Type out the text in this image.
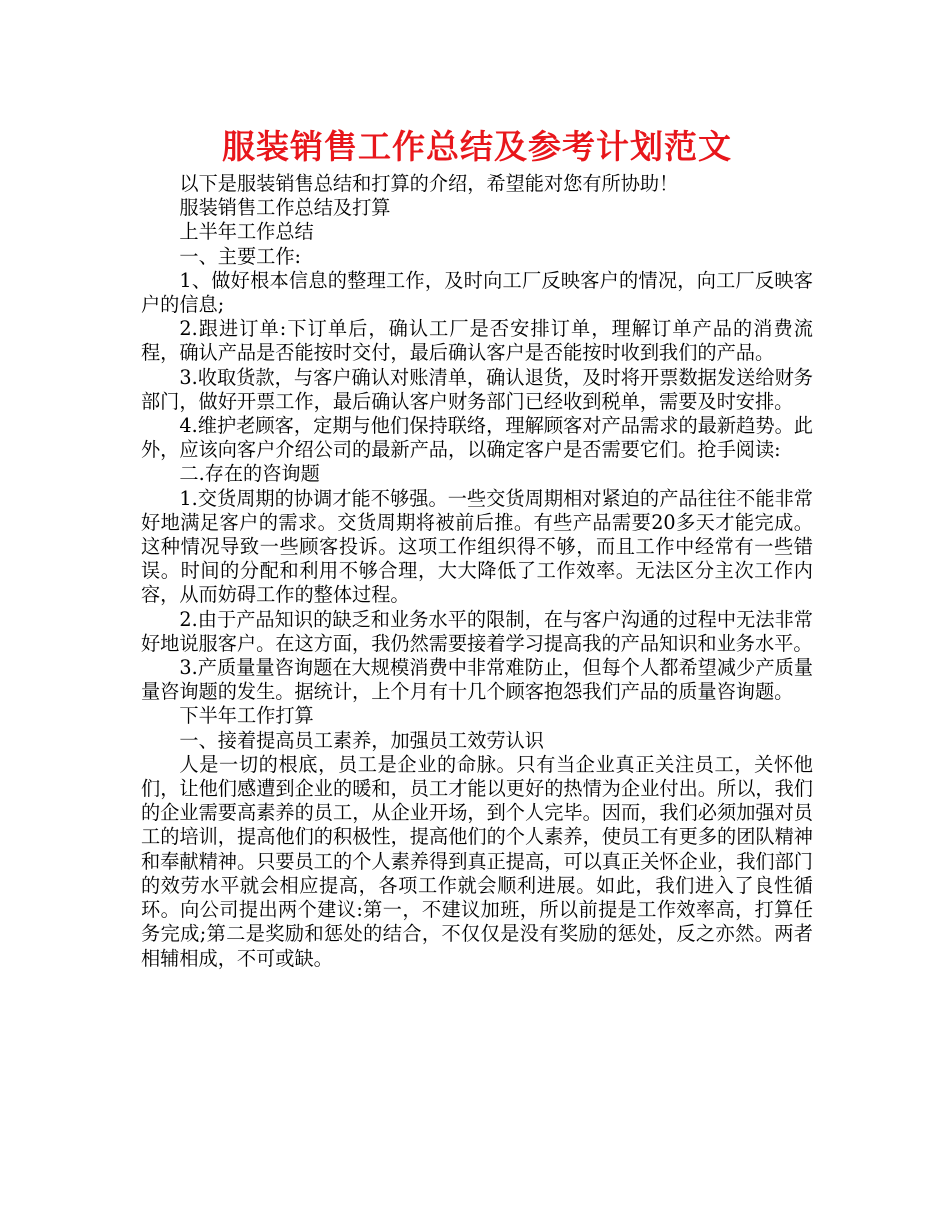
服装销售工作总结及参考计划范文

以下是服装销售总结和打算的介绍，希望能对您有所协助！

服装销售工作总结及打算

上半年工作总结

一、主要工作:

1、做好根本信息的整理工作，及时向工厂反映客户的情况，向工厂反映客户的信息;

2.跟进订单:下订单后，确认工厂是否安排订单，理解订单产品的消费流程，确认产品是否能按时交付，最后确认客户是否能按时收到我们的产品。

3.收取货款，与客户确认对账清单，确认退货，及时将开票数据发送给财务部门，做好开票工作，最后确认客户财务部门已经收到税单，需要及时安排。

4.维护老顾客，定期与他们保持联络，理解顾客对产品需求的最新趋势。此外，应该向客户介绍公司的最新产品，以确定客户是否需要它们。抢手阅读:

二.存在的咨询题

1.交货周期的协调才能不够强。一些交货周期相对紧迫的产品往往不能非常好地满足客户的需求。交货周期将被前后推。有些产品需要20多天才能完成。这种情况导致一些顾客投诉。这项工作组织得不够，而且工作中经常有一些错误。时间的分配和利用不够合理，大大降低了工作效率。无法区分主次工作内容，从而妨碍工作的整体过程。

2.由于产品知识的缺乏和业务水平的限制，在与客户沟通的过程中无法非常好地说服客户。在这方面，我仍然需要接着学习提高我的产品知识和业务水平。

3.产质量量咨询题在大规模消费中非常难防止，但每个人都希望减少产质量量咨询题的发生。据统计，上个月有十几个顾客抱怨我们产品的质量咨询题。

下半年工作打算

一、接着提高员工素养，加强员工效劳认识

人是一切的根底，员工是企业的命脉。只有当企业真正关注员工，关怀他们，让他们感遭到企业的暖和，员工才能以更好的热情为企业付出。所以，我们的企业需要高素养的员工，从企业开场，到个人完毕。因而，我们必须加强对员工的培训，提高他们的积极性，提高他们的个人素养，使员工有更多的团队精神和奉献精神。只要员工的个人素养得到真正提高，可以真正关怀企业，我们部门的效劳水平就会相应提高，各项工作就会顺利进展。如此，我们进入了良性循环。向公司提出两个建议:第一，不建议加班，所以前提是工作效率高，打算任务完成;第二是奖励和惩处的结合，不仅仅是没有奖励的惩处，反之亦然。两者相辅相成，不可或缺。
